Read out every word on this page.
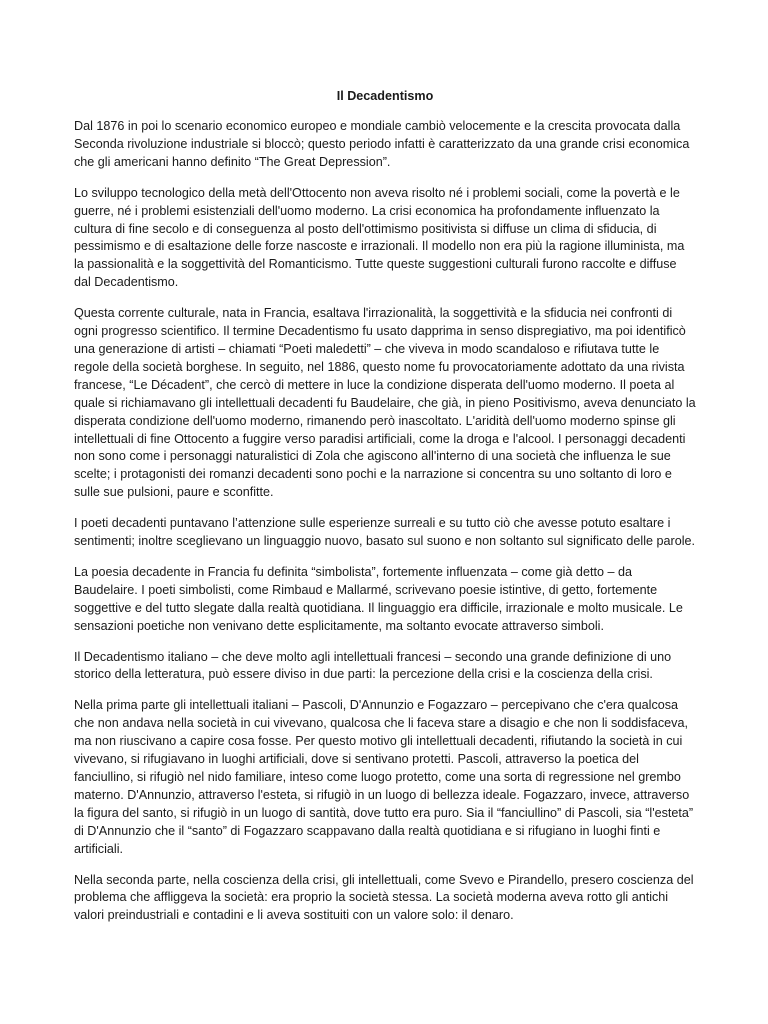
Il Decadentismo

Dal 1876 in poi lo scenario economico europeo e mondiale cambiò velocemente e la crescita provocata dalla Seconda rivoluzione industriale si bloccò; questo periodo infatti è caratterizzato da una grande crisi economica che gli americani hanno definito “The Great Depression”.

Lo sviluppo tecnologico della metà dell'Ottocento non aveva risolto né i problemi sociali, come la povertà e le guerre, né i problemi esistenziali dell'uomo moderno. La crisi economica ha profondamente influenzato la cultura di fine secolo e di conseguenza al posto dell'ottimismo positivista si diffuse un clima di sfiducia, di pessimismo e di esaltazione delle forze nascoste e irrazionali. Il modello non era più la ragione illuminista, ma la passionalità e la soggettività del Romanticismo. Tutte queste suggestioni culturali furono raccolte e diffuse dal Decadentismo.

Questa corrente culturale, nata in Francia, esaltava l'irrazionalità, la soggettività e la sfiducia nei confronti di ogni progresso scientifico. Il termine Decadentismo fu usato dapprima in senso dispregiativo, ma poi identificò una generazione di artisti – chiamati “Poeti maledetti” – che viveva in modo scandaloso e rifiutava tutte le regole della società borghese. In seguito, nel 1886, questo nome fu provocatoriamente adottato da una rivista francese, “Le Décadent”, che cercò di mettere in luce la condizione disperata dell'uomo moderno. Il poeta al quale si richiamavano gli intellettuali decadenti fu Baudelaire, che già, in pieno Positivismo, aveva denunciato la disperata condizione dell'uomo moderno, rimanendo però inascoltato. L'aridità dell'uomo moderno spinse gli intellettuali di fine Ottocento a fuggire verso paradisi artificiali, come la droga e l'alcool. I personaggi decadenti non sono come i personaggi naturalistici di Zola che agiscono all'interno di una società che influenza le sue scelte; i protagonisti dei romanzi decadenti sono pochi e la narrazione si concentra su uno soltanto di loro e sulle sue pulsioni, paure e sconfitte.

I poeti decadenti puntavano l’attenzione sulle esperienze surreali e su tutto ciò che avesse potuto esaltare i sentimenti; inoltre sceglievano un linguaggio nuovo, basato sul suono e non soltanto sul significato delle parole.

La poesia decadente in Francia fu definita “simbolista”, fortemente influenzata – come già detto – da Baudelaire. I poeti simbolisti, come Rimbaud e Mallarmé, scrivevano poesie istintive, di getto, fortemente soggettive e del tutto slegate dalla realtà quotidiana. Il linguaggio era difficile, irrazionale e molto musicale. Le sensazioni poetiche non venivano dette esplicitamente, ma soltanto evocate attraverso simboli.

Il Decadentismo italiano – che deve molto agli intellettuali francesi – secondo una grande definizione di uno storico della letteratura, può essere diviso in due parti: la percezione della crisi e la coscienza della crisi.

Nella prima parte gli intellettuali italiani – Pascoli, D'Annunzio e Fogazzaro – percepivano che c'era qualcosa che non andava nella società in cui vivevano, qualcosa che li faceva stare a disagio e che non li soddisfaceva, ma non riuscivano a capire cosa fosse. Per questo motivo gli intellettuali decadenti, rifiutando la società in cui vivevano, si rifugiavano in luoghi artificiali, dove si sentivano protetti. Pascoli, attraverso la poetica del fanciullino, si rifugiò nel nido familiare, inteso come luogo protetto, come una sorta di regressione nel grembo materno. D'Annunzio, attraverso l'esteta, si rifugiò in un luogo di bellezza ideale. Fogazzaro, invece, attraverso la figura del santo, si rifugiò in un luogo di santità, dove tutto era puro. Sia il “fanciullino” di Pascoli, sia “l'esteta” di D'Annunzio che il “santo” di Fogazzaro scappavano dalla realtà quotidiana e si rifugiano in luoghi finti e artificiali.

Nella seconda parte, nella coscienza della crisi, gli intellettuali, come Svevo e Pirandello, presero coscienza del problema che affliggeva la società: era proprio la società stessa. La società moderna aveva rotto gli antichi valori preindustriali e contadini e li aveva sostituiti con un valore solo: il denaro.
